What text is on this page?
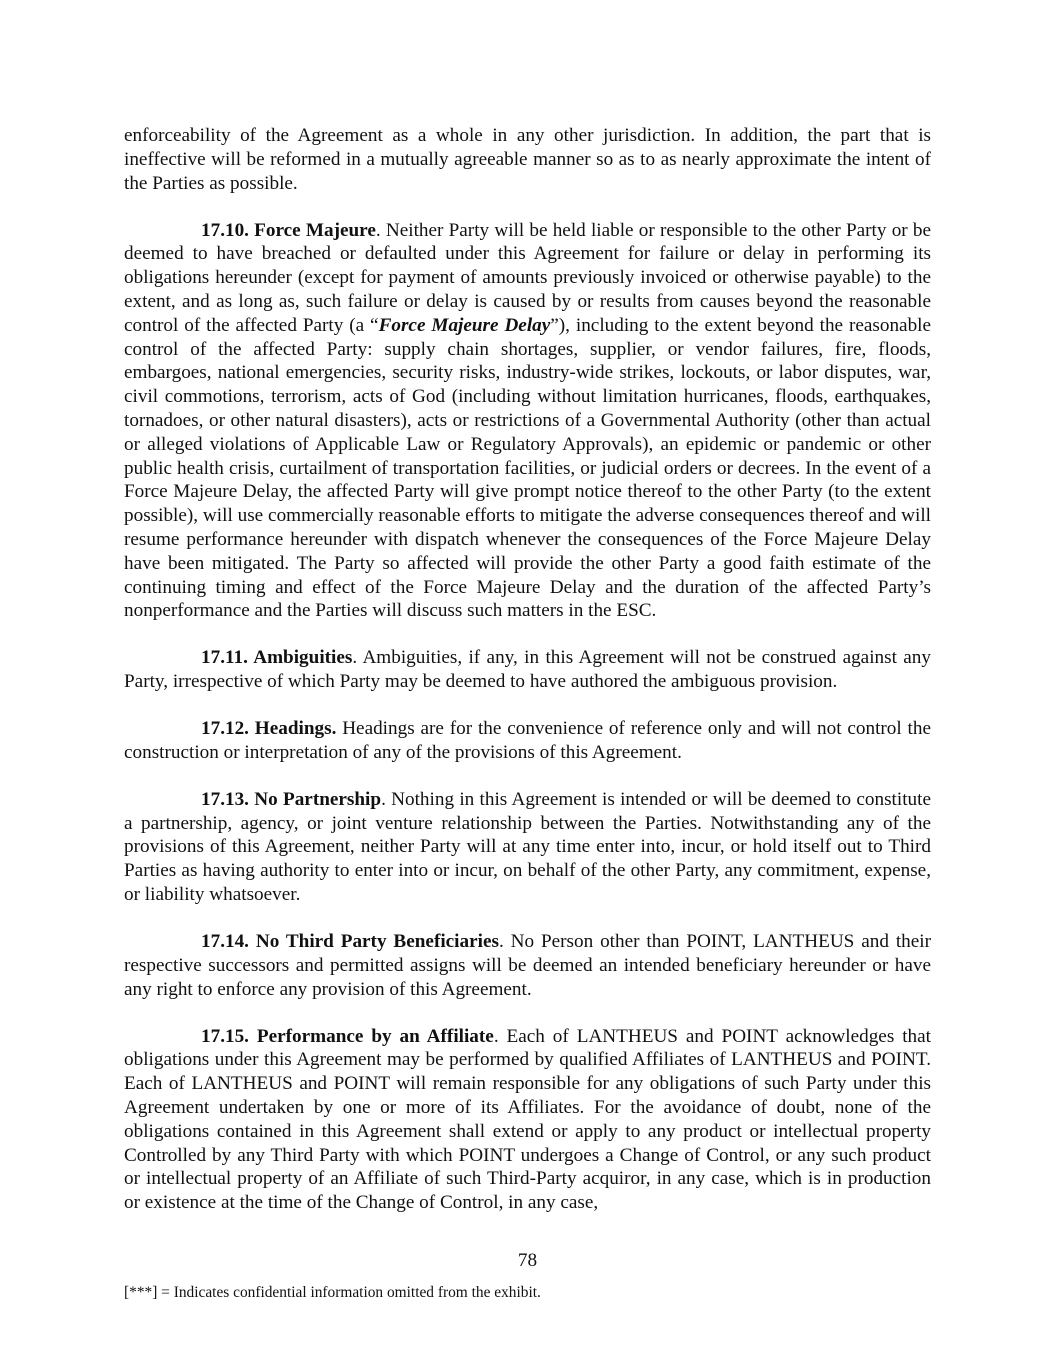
enforceability of the Agreement as a whole in any other jurisdiction. In addition, the part that is ineffective will be reformed in a mutually agreeable manner so as to as nearly approximate the intent of the Parties as possible.

17.10. Force Majeure. Neither Party will be held liable or responsible to the other Party or be deemed to have breached or defaulted under this Agreement for failure or delay in performing its obligations hereunder (except for payment of amounts previously invoiced or otherwise payable) to the extent, and as long as, such failure or delay is caused by or results from causes beyond the reasonable control of the affected Party (a “Force Majeure Delay”), including to the extent beyond the reasonable control of the affected Party: supply chain shortages, supplier, or vendor failures, fire, floods, embargoes, national emergencies, security risks, industry-wide strikes, lockouts, or labor disputes, war, civil commotions, terrorism, acts of God (including without limitation hurricanes, floods, earthquakes, tornadoes, or other natural disasters), acts or restrictions of a Governmental Authority (other than actual or alleged violations of Applicable Law or Regulatory Approvals), an epidemic or pandemic or other public health crisis, curtailment of transportation facilities, or judicial orders or decrees. In the event of a Force Majeure Delay, the affected Party will give prompt notice thereof to the other Party (to the extent possible), will use commercially reasonable efforts to mitigate the adverse consequences thereof and will resume performance hereunder with dispatch whenever the consequences of the Force Majeure Delay have been mitigated. The Party so affected will provide the other Party a good faith estimate of the continuing timing and effect of the Force Majeure Delay and the duration of the affected Party’s nonperformance and the Parties will discuss such matters in the ESC.

17.11. Ambiguities. Ambiguities, if any, in this Agreement will not be construed against any Party, irrespective of which Party may be deemed to have authored the ambiguous provision.

17.12. Headings. Headings are for the convenience of reference only and will not control the construction or interpretation of any of the provisions of this Agreement.

17.13. No Partnership. Nothing in this Agreement is intended or will be deemed to constitute a partnership, agency, or joint venture relationship between the Parties. Notwithstanding any of the provisions of this Agreement, neither Party will at any time enter into, incur, or hold itself out to Third Parties as having authority to enter into or incur, on behalf of the other Party, any commitment, expense, or liability whatsoever.

17.14. No Third Party Beneficiaries. No Person other than POINT, LANTHEUS and their respective successors and permitted assigns will be deemed an intended beneficiary hereunder or have any right to enforce any provision of this Agreement.

17.15. Performance by an Affiliate. Each of LANTHEUS and POINT acknowledges that obligations under this Agreement may be performed by qualified Affiliates of LANTHEUS and POINT. Each of LANTHEUS and POINT will remain responsible for any obligations of such Party under this Agreement undertaken by one or more of its Affiliates. For the avoidance of doubt, none of the obligations contained in this Agreement shall extend or apply to any product or intellectual property Controlled by any Third Party with which POINT undergoes a Change of Control, or any such product or intellectual property of an Affiliate of such Third-Party acquiror, in any case, which is in production or existence at the time of the Change of Control, in any case,

78
[***] = Indicates confidential information omitted from the exhibit.
